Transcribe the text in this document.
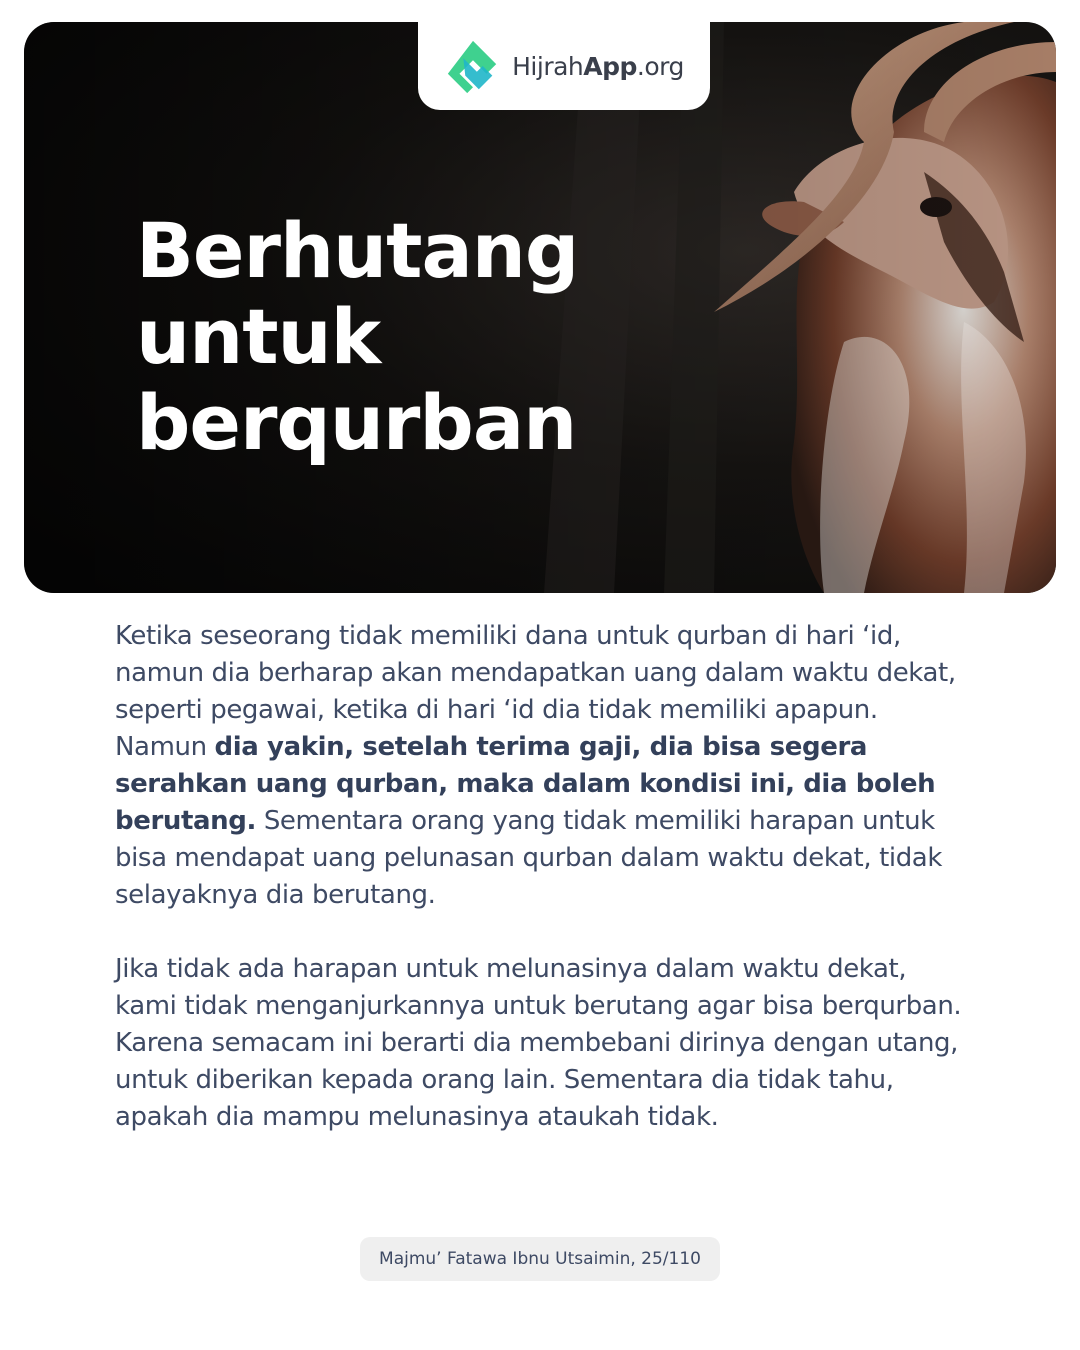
HijrahApp.org
Berhutang
untuk
berqurban

Ketika seseorang tidak memiliki dana untuk qurban di hari ‘id, namun dia berharap akan mendapatkan uang dalam waktu dekat, seperti pegawai, ketika di hari ‘id dia tidak memiliki apapun. Namun dia yakin, setelah terima gaji, dia bisa segera serahkan uang qurban, maka dalam kondisi ini, dia boleh berutang. Sementara orang yang tidak memiliki harapan untuk bisa mendapat uang pelunasan qurban dalam waktu dekat, tidak selayaknya dia berutang.

Jika tidak ada harapan untuk melunasinya dalam waktu dekat, kami tidak menganjurkannya untuk berutang agar bisa berqurban. Karena semacam ini berarti dia membebani dirinya dengan utang, untuk diberikan kepada orang lain. Sementara dia tidak tahu, apakah dia mampu melunasinya ataukah tidak.

Majmu’ Fatawa Ibnu Utsaimin, 25/110
